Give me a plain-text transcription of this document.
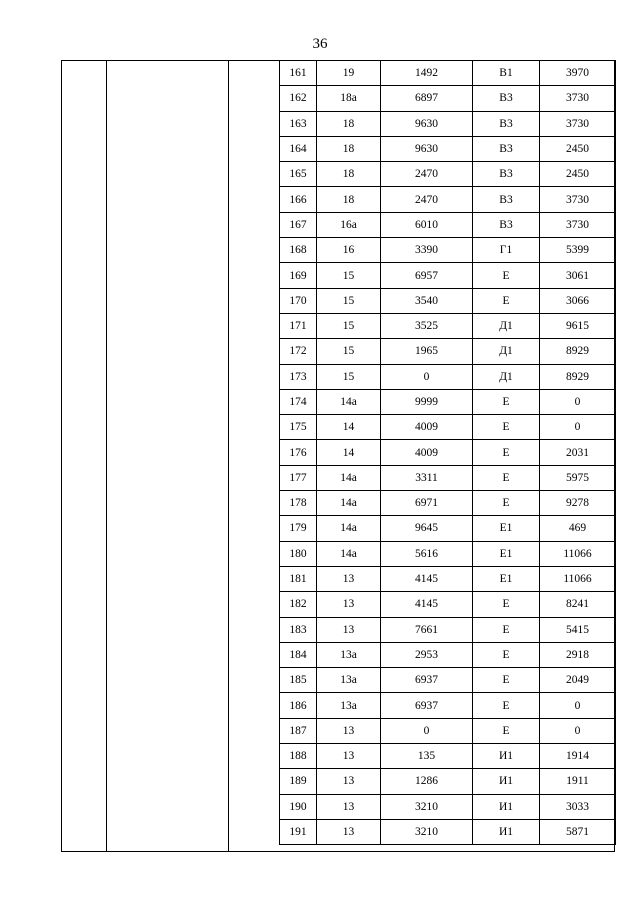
36
161	19	1492	В1	3970
162	18а	6897	В3	3730
163	18	9630	В3	3730
164	18	9630	В3	2450
165	18	2470	В3	2450
166	18	2470	В3	3730
167	16а	6010	В3	3730
168	16	3390	Г1	5399
169	15	6957	Е	3061
170	15	3540	Е	3066
171	15	3525	Д1	9615
172	15	1965	Д1	8929
173	15	0	Д1	8929
174	14а	9999	Е	0
175	14	4009	Е	0
176	14	4009	Е	2031
177	14а	3311	Е	5975
178	14а	6971	Е	9278
179	14а	9645	Е1	469
180	14а	5616	Е1	11066
181	13	4145	Е1	11066
182	13	4145	Е	8241
183	13	7661	Е	5415
184	13а	2953	Е	2918
185	13а	6937	Е	2049
186	13а	6937	Е	0
187	13	0	Е	0
188	13	135	И1	1914
189	13	1286	И1	1911
190	13	3210	И1	3033
191	13	3210	И1	5871
